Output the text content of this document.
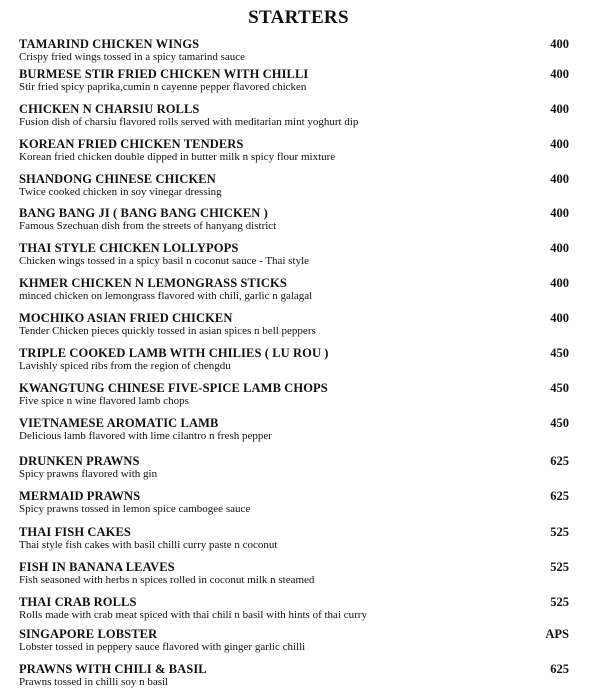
STARTERS
TAMARIND CHICKEN WINGS
Crispy fried wings tossed in a spicy tamarind sauce
400
BURMESE STIR FRIED CHICKEN WITH CHILLI
Stir fried spicy paprika,cumin n cayenne pepper flavored chicken
400
CHICKEN N CHARSIU ROLLS
Fusion dish of charsiu flavored rolls served with meditarian mint yoghurt dip
400
KOREAN FRIED CHICKEN TENDERS
Korean fried chicken double dipped in butter milk n spicy flour mixture
400
SHANDONG CHINESE CHICKEN
Twice cooked chicken in soy vinegar dressing
400
BANG BANG JI ( BANG BANG CHICKEN )
Famous Szechuan dish from the streets of hanyang district
400
THAI STYLE CHICKEN LOLLYPOPS
Chicken wings tossed in a spicy basil n coconut sauce - Thai style
400
KHMER CHICKEN N LEMONGRASS STICKS
minced chicken on lemongrass flavored with chili, garlic n galagal
400
MOCHIKO ASIAN FRIED CHICKEN
Tender Chicken pieces quickly tossed in asian spices n bell peppers
400
TRIPLE COOKED LAMB WITH CHILIES ( LU ROU )
Lavishly spiced ribs from the region of chengdu
450
KWANGTUNG CHINESE FIVE-SPICE LAMB CHOPS
Five spice n wine flavored lamb chops
450
VIETNAMESE AROMATIC LAMB
Delicious lamb flavored with lime cilantro n fresh pepper
450
DRUNKEN PRAWNS
Spicy prawns flavored with gin
625
MERMAID PRAWNS
Spicy prawns tossed in lemon spice cambogee sauce
625
THAI FISH CAKES
Thai style fish cakes with basil chilli curry paste n coconut
525
FISH IN BANANA LEAVES
Fish seasoned with herbs n spices rolled in coconut milk n steamed
525
THAI CRAB ROLLS
Rolls made with crab meat spiced with thai chili n basil with hints of thai curry
525
SINGAPORE LOBSTER
Lobster tossed in peppery sauce flavored with ginger garlic chilli
APS
PRAWNS WITH CHILI & BASIL
Prawns tossed in chilli soy n basil
625
